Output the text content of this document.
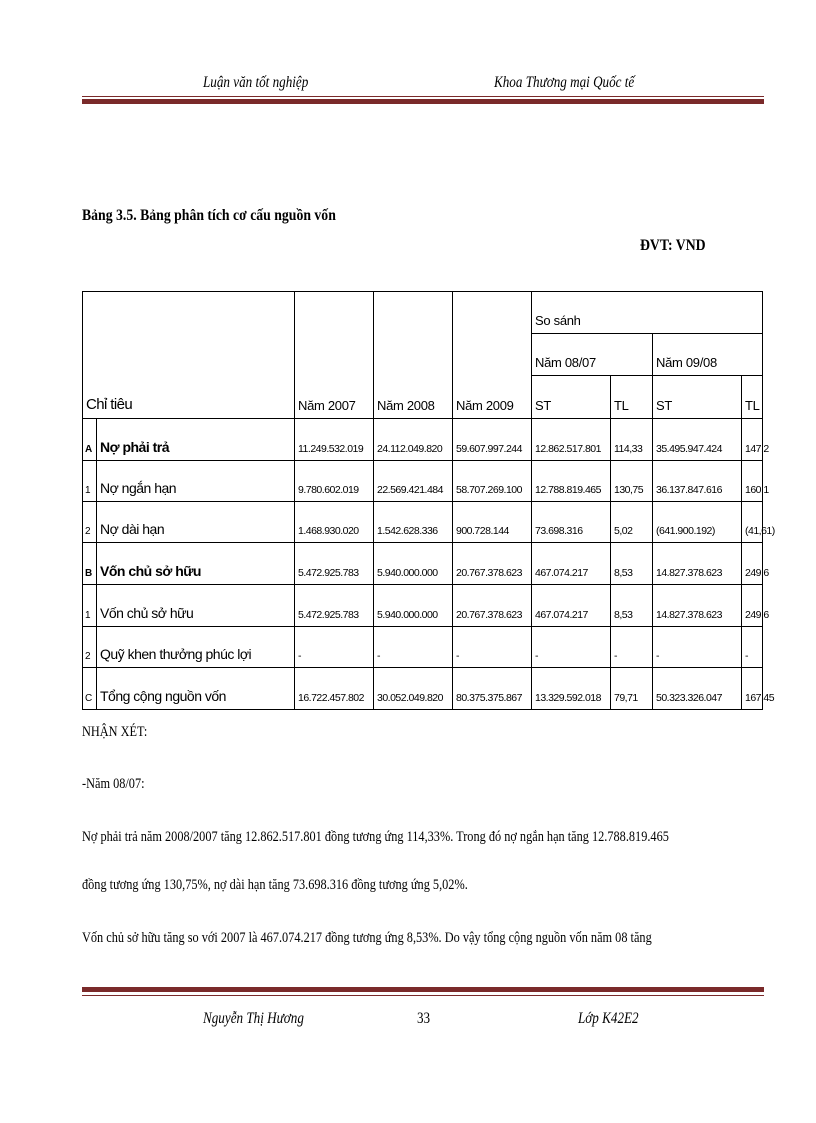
Luận văn tốt nghiệp	Khoa Thương mại Quốc tế
Bảng 3.5. Bảng phân tích cơ cấu nguồn vốn
ĐVT: VND
Chỉ tiêu		Năm 2007	Năm 2008	Năm 2009	So sánh			
					Năm 08/07		Năm 09/08	
					ST	TL	ST	TL
A	Nợ phải trả	11.249.532.019	24.112.049.820	59.607.997.244	12.862.517.801	114,33	35.495.947.424	147,2
1	Nợ ngắn hạn	9.780.602.019	22.569.421.484	58.707.269.100	12.788.819.465	130,75	36.137.847.616	160,1
2	Nợ dài hạn	1.468.930.020	1.542.628.336	900.728.144	73.698.316	5,02	(641.900.192)	(41,61)
B	Vốn chủ sở hữu	5.472.925.783	5.940.000.000	20.767.378.623	467.074.217	8,53	14.827.378.623	249,6
1	Vốn chủ sở hữu	5.472.925.783	5.940.000.000	20.767.378.623	467.074.217	8,53	14.827.378.623	249,6
2	Quỹ khen thưởng phúc lợi	-	-	-	-	-	-	-
C	Tổng cộng nguồn vốn	16.722.457.802	30.052.049.820	80.375.375.867	13.329.592.018	79,71	50.323.326.047	167,45
NHẬN XÉT:
-Năm 08/07:
Nợ phải trả năm 2008/2007 tăng 12.862.517.801 đồng tương ứng 114,33%. Trong đó nợ ngắn hạn tăng 12.788.819.465
đồng tương ứng 130,75%, nợ dài hạn tăng 73.698.316 đồng tương ứng 5,02%.
Vốn chủ sở hữu tăng so với 2007 là 467.074.217 đồng tương ứng 8,53%. Do vậy tổng cộng nguồn vốn năm 08 tăng
Nguyễn Thị Hương	33	Lớp K42E2
